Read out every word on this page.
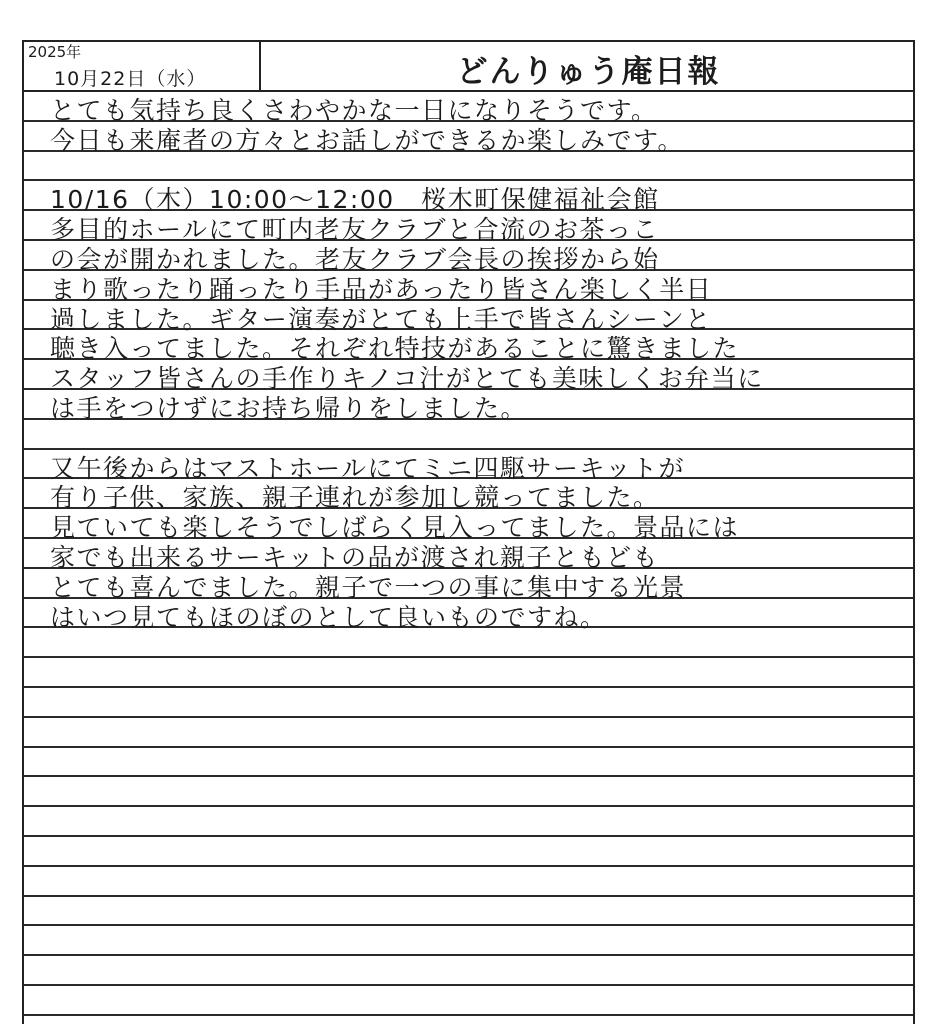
2025年
10月22日（水）	どんりゅう庵日報
とても気持ち良くさわやかな一日になりそうです。
今日も来庵者の方々とお話しができるか楽しみです。
10/16（木）10:00〜12:00　桜木町保健福祉会館
多目的ホールにて町内老友クラブと合流のお茶っこ
の会が開かれました。老友クラブ会長の挨拶から始
まり歌ったり踊ったり手品があったり皆さん楽しく半日
過しました。ギター演奏がとても上手で皆さんシーンと
聴き入ってました。それぞれ特技があることに驚きました
スタッフ皆さんの手作りキノコ汁がとても美味しくお弁当に
は手をつけずにお持ち帰りをしました。
又午後からはマストホールにてミニ四駆サーキットが
有り子供、家族、親子連れが参加し競ってました。
見ていても楽しそうでしばらく見入ってました。景品には
家でも出来るサーキットの品が渡され親子ともども
とても喜んでました。親子で一つの事に集中する光景
はいつ見てもほのぼのとして良いものですね。
